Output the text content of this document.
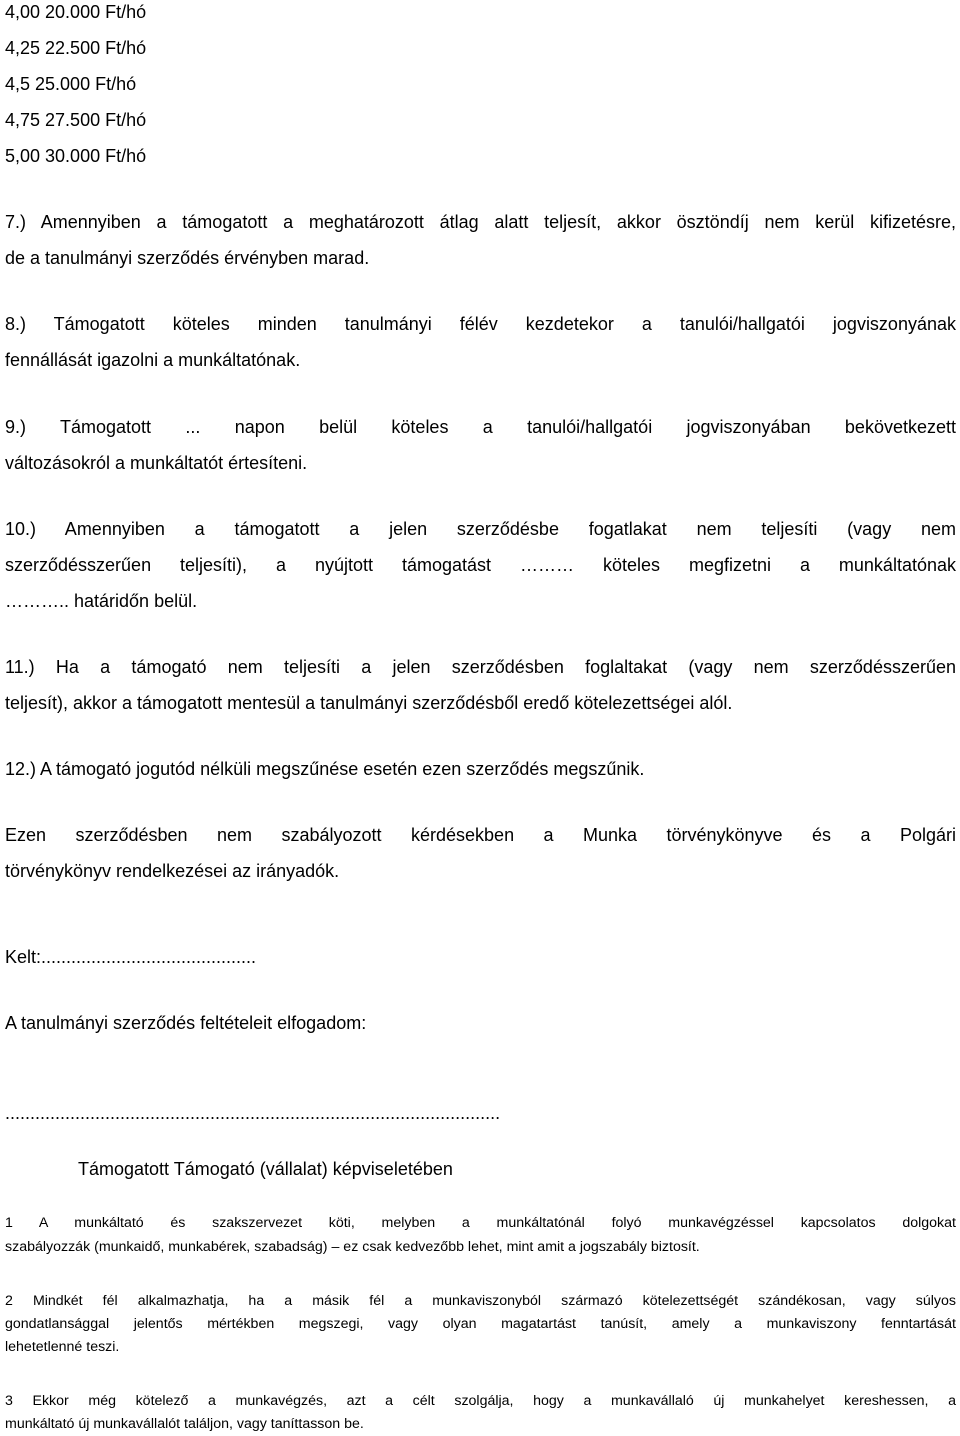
4,00 20.000 Ft/hó
4,25 22.500 Ft/hó
4,5 25.000 Ft/hó
4,75 27.500 Ft/hó
5,00 30.000 Ft/hó
7.) Amennyiben a támogatott a meghatározott átlag alatt teljesít, akkor ösztöndíj nem kerül kifizetésre,
de a tanulmányi szerződés érvényben marad.
8.) Támogatott köteles minden tanulmányi félév kezdetekor a tanulói/hallgatói jogviszonyának
fennállását igazolni a munkáltatónak.
9.) Támogatott ... napon belül köteles a tanulói/hallgatói jogviszonyában bekövetkezett
változásokról a munkáltatót értesíteni.
10.) Amennyiben a támogatott a jelen szerződésbe fogatlakat nem teljesíti (vagy nem
szerződésszerűen teljesíti), a nyújtott támogatást ……… köteles megfizetni a munkáltatónak
……….. határidőn belül.
11.) Ha a támogató nem teljesíti a jelen szerződésben foglaltakat (vagy nem szerződésszerűen
teljesít), akkor a támogatott mentesül a tanulmányi szerződésből eredő kötelezettségei alól.
12.) A támogató jogutód nélküli megszűnése esetén ezen szerződés megszűnik.
Ezen szerződésben nem szabályozott kérdésekben a Munka törvénykönyve és a Polgári
törvénykönyv rendelkezései az irányadók.
Kelt:...........................................
A tanulmányi szerződés feltételeit elfogadom:
...................................................................................................
Támogatott Támogató (vállalat) képviseletében
1 A munkáltató és szakszervezet köti, melyben a munkáltatónál folyó munkavégzéssel kapcsolatos dolgokat
szabályozzák (munkaidő, munkabérek, szabadság) – ez csak kedvezőbb lehet, mint amit a jogszabály biztosít.
2 Mindkét fél alkalmazhatja, ha a másik fél a munkaviszonyból származó kötelezettségét szándékosan, vagy súlyos
gondatlansággal jelentős mértékben megszegi, vagy olyan magatartást tanúsít, amely a munkaviszony fenntartását
lehetetlenné teszi.
3 Ekkor még kötelező a munkavégzés, azt a célt szolgálja, hogy a munkavállaló új munkahelyet kereshessen, a
munkáltató új munkavállalót találjon, vagy taníttasson be.
